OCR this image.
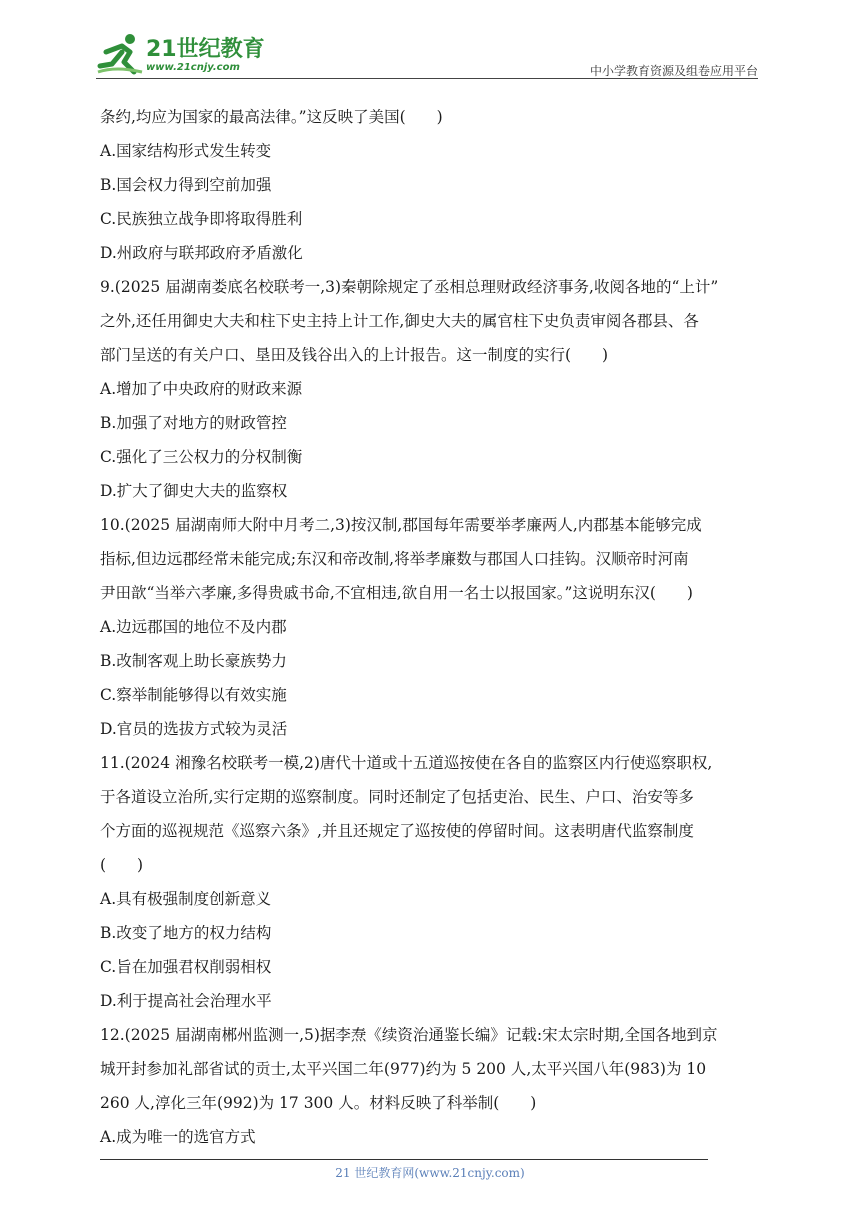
21世纪教育
www.21cnjy.com	中小学教育资源及组卷应用平台
条约,均应为国家的最高法律。”这反映了美国(　　)
A.国家结构形式发生转变
B.国会权力得到空前加强
C.民族独立战争即将取得胜利
D.州政府与联邦政府矛盾激化
9.(2025 届湖南娄底名校联考一,3)秦朝除规定了丞相总理财政经济事务,收阅各地的“上计”
之外,还任用御史大夫和柱下史主持上计工作,御史大夫的属官柱下史负责审阅各郡县、各
部门呈送的有关户口、垦田及钱谷出入的上计报告。这一制度的实行(　　)
A.增加了中央政府的财政来源
B.加强了对地方的财政管控
C.强化了三公权力的分权制衡
D.扩大了御史大夫的监察权
10.(2025 届湖南师大附中月考二,3)按汉制,郡国每年需要举孝廉两人,内郡基本能够完成
指标,但边远郡经常未能完成;东汉和帝改制,将举孝廉数与郡国人口挂钩。汉顺帝时河南
尹田歆“当举六孝廉,多得贵戚书命,不宜相违,欲自用一名士以报国家。”这说明东汉(　　)
A.边远郡国的地位不及内郡
B.改制客观上助长豪族势力
C.察举制能够得以有效实施
D.官员的选拔方式较为灵活
11.(2024 湘豫名校联考一模,2)唐代十道或十五道巡按使在各自的监察区内行使巡察职权,
于各道设立治所,实行定期的巡察制度。同时还制定了包括吏治、民生、户口、治安等多
个方面的巡视规范《巡察六条》,并且还规定了巡按使的停留时间。这表明唐代监察制度
(　　)
A.具有极强制度创新意义
B.改变了地方的权力结构
C.旨在加强君权削弱相权
D.利于提高社会治理水平
12.(2025 届湖南郴州监测一,5)据李焘《续资治通鉴长编》记载:宋太宗时期,全国各地到京
城开封参加礼部省试的贡士,太平兴国二年(977)约为 5 200 人,太平兴国八年(983)为 10
260 人,淳化三年(992)为 17 300 人。材料反映了科举制(　　)
A.成为唯一的选官方式
21 世纪教育网(www.21cnjy.com)
